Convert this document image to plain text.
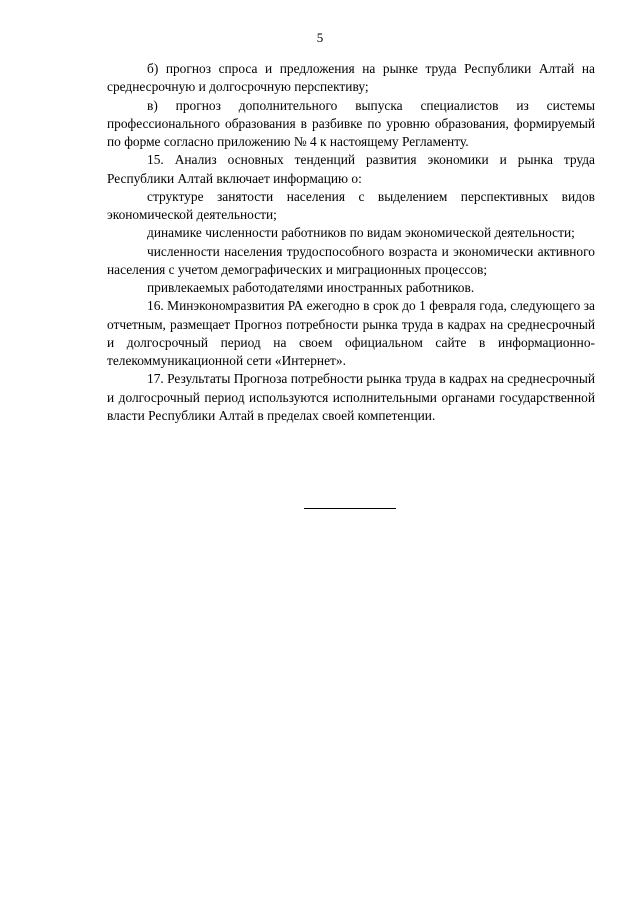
5

б) прогноз спроса и предложения на рынке труда Республики Алтай на среднесрочную и долгосрочную перспективу;

в) прогноз дополнительного выпуска специалистов из системы профессионального образования в разбивке по уровню образования, формируемый по форме согласно приложению № 4 к настоящему Регламенту.

15. Анализ основных тенденций развития экономики и рынка труда Республики Алтай включает информацию о:

структуре занятости населения с выделением перспективных видов экономической деятельности;

динамике численности работников по видам экономической деятельности;

численности населения трудоспособного возраста и экономически активного населения с учетом демографических и миграционных процессов;

привлекаемых работодателями иностранных работников.

16. Минэкономразвития РА ежегодно в срок до 1 февраля года, следующего за отчетным, размещает Прогноз потребности рынка труда в кадрах на среднесрочный и долгосрочный период на своем официальном сайте в информационно-телекоммуникационной сети «Интернет».

17. Результаты Прогноза потребности рынка труда в кадрах на среднесрочный и долгосрочный период используются исполнительными органами государственной власти Республики Алтай в пределах своей компетенции.
